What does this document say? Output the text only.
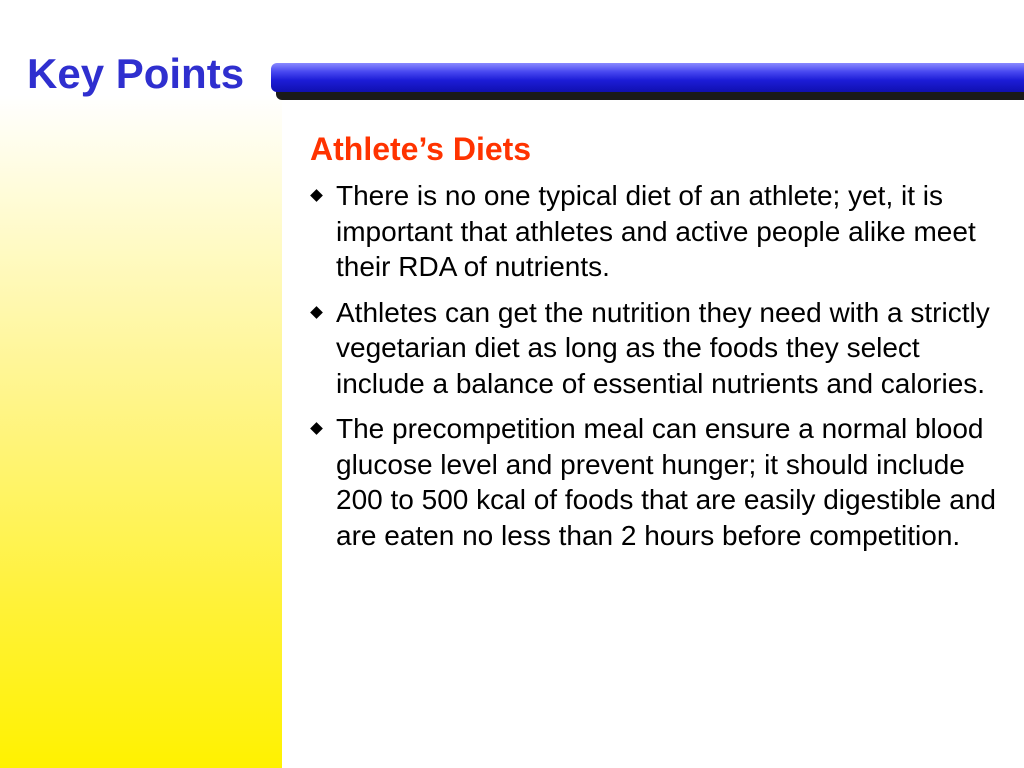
Key Points
Athlete’s Diets
There is no one typical diet of an athlete; yet, it is important that athletes and active people alike meet their RDA of nutrients.
Athletes can get the nutrition they need with a strictly vegetarian diet as long as the foods they select include a balance of essential nutrients and calories.
The precompetition meal can ensure a normal blood glucose level and prevent hunger; it should include 200 to 500 kcal of foods that are easily digestible and are eaten no less than 2 hours before competition.
